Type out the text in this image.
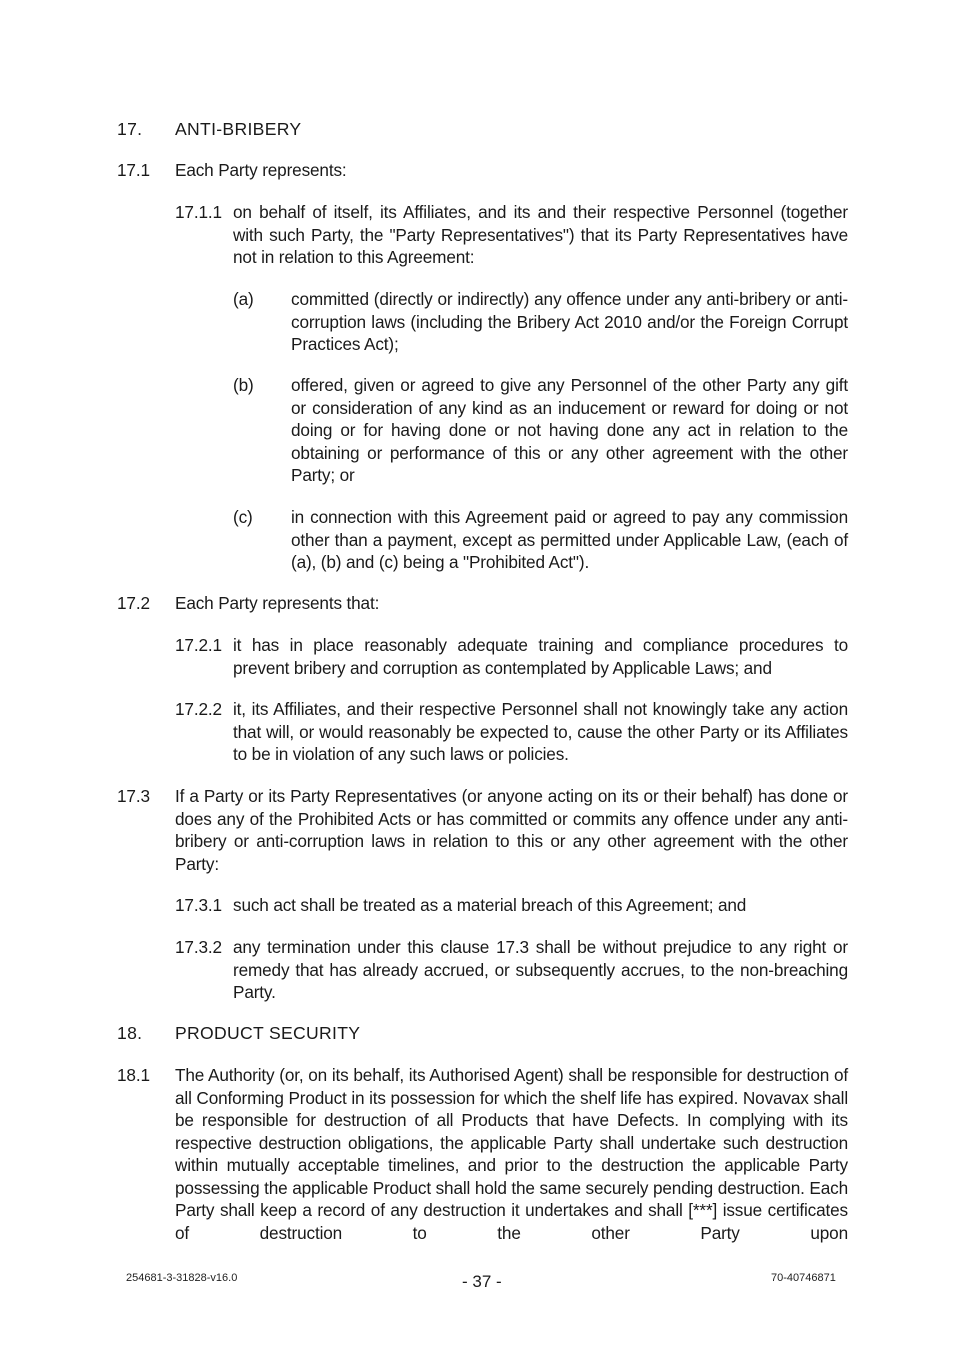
17. ANTI-BRIBERY
17.1 Each Party represents:
17.1.1 on behalf of itself, its Affiliates, and its and their respective Personnel (together with such Party, the "Party Representatives") that its Party Representatives have not in relation to this Agreement:

(a) committed (directly or indirectly) any offence under any anti-bribery or anti-corruption laws (including the Bribery Act 2010 and/or the Foreign Corrupt Practices Act);

(b) offered, given or agreed to give any Personnel of the other Party any gift or consideration of any kind as an inducement or reward for doing or not doing or for having done or not having done any act in relation to the obtaining or performance of this or any other agreement with the other Party; or

(c) in connection with this Agreement paid or agreed to pay any commission other than a payment, except as permitted under Applicable Law, (each of (a), (b) and (c) being a "Prohibited Act").

17.2 Each Party represents that:
17.2.1 it has in place reasonably adequate training and compliance procedures to prevent bribery and corruption as contemplated by Applicable Laws; and

17.2.2 it, its Affiliates, and their respective Personnel shall not knowingly take any action that will, or would reasonably be expected to, cause the other Party or its Affiliates to be in violation of any such laws or policies.

17.3 If a Party or its Party Representatives (or anyone acting on its or their behalf) has done or does any of the Prohibited Acts or has committed or commits any offence under any anti-bribery or anti-corruption laws in relation to this or any other agreement with the other Party:

17.3.1 such act shall be treated as a material breach of this Agreement; and

17.3.2 any termination under this clause 17.3 shall be without prejudice to any right or remedy that has already accrued, or subsequently accrues, to the non-breaching Party.

18. PRODUCT SECURITY
18.1 The Authority (or, on its behalf, its Authorised Agent) shall be responsible for destruction of all Conforming Product in its possession for which the shelf life has expired. Novavax shall be responsible for destruction of all Products that have Defects. In complying with its respective destruction obligations, the applicable Party shall undertake such destruction within mutually acceptable timelines, and prior to the destruction the applicable Party possessing the applicable Product shall hold the same securely pending destruction. Each Party shall keep a record of any destruction it undertakes and shall [***] issue certificates of destruction to the other Party upon

254681-3-31828-v16.0	- 37 -	70-40746871
